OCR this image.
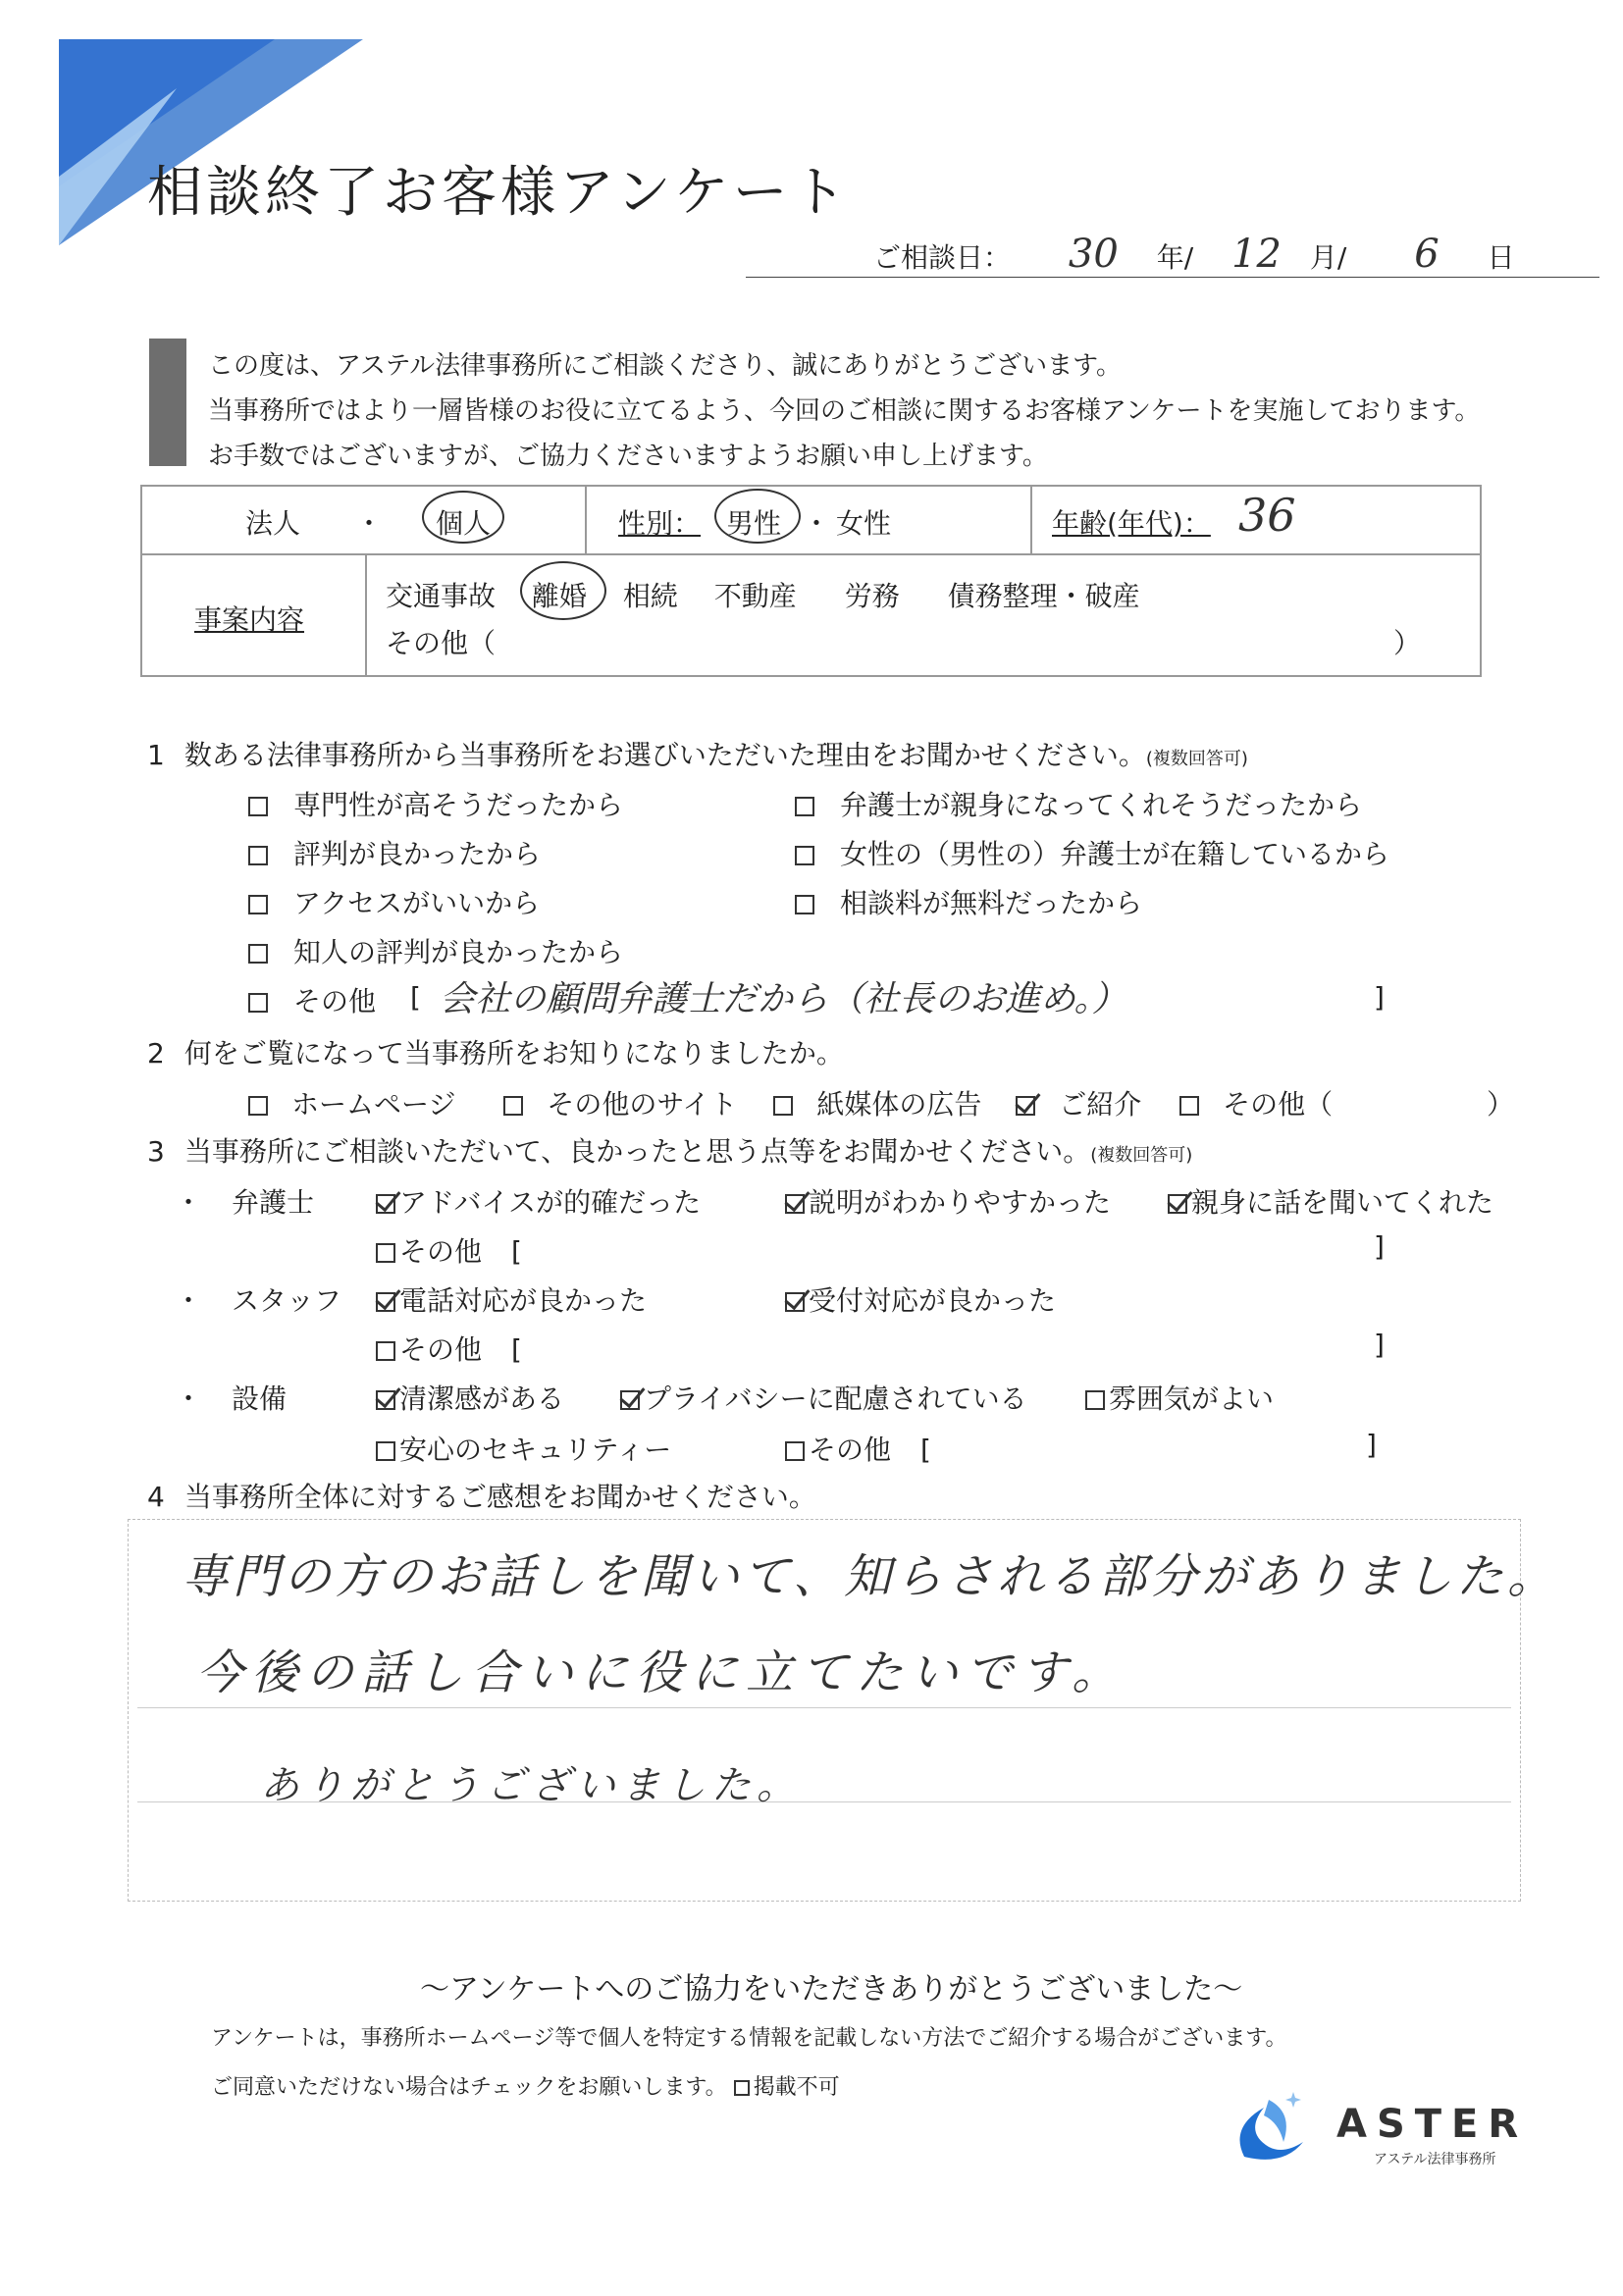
相談終了お客様アンケート
ご相談日： 30 年/ 12 月/ 6 日
この度は、アステル法律事務所にご相談くださり、誠にありがとうございます。
当事務所ではより一層皆様のお役に立てるよう、今回のご相談に関するお客様アンケートを実施しております。
お手数ではございますが、ご協力くださいますようお願い申し上げます。
法人 ・ 個人	性別： 男性 ・ 女性	年齢(年代)： 36
事案内容
交通事故 離婚 相続 不動産 労務 債務整理・破産
その他（	）
1 数ある法律事務所から当事務所をお選びいただいた理由をお聞かせください。(複数回答可)
専門性が高そうだったから
評判が良かったから
アクセスがいいから
知人の評判が良かったから
その他
弁護士が親身になってくれそうだったから
女性の（男性の）弁護士が在籍しているから
相談料が無料だったから
[ 会社の顧問弁護士だから（社長のお進め。）	]
2 何をご覧になって当事務所をお知りになりましたか。
ホームページ	その他のサイト	紙媒体の広告	ご紹介	その他（	）
3 当事務所にご相談いただいて、良かったと思う点等をお聞かせください。(複数回答可)
・ 弁護士	アドバイスが的確だった	説明がわかりやすかった	親身に話を聞いてくれた
その他 [	]
・ スタッフ	電話対応が良かった	受付対応が良かった
その他 [	]
・ 設備	清潔感がある	プライバシーに配慮されている	雰囲気がよい
安心のセキュリティー	その他 [	]
4 当事務所全体に対するご感想をお聞かせください。
専門の方のお話しを聞いて、知らされる部分がありました。
今後の話し合いに役に立てたいです。
ありがとうございました。
～アンケートへのご協力をいただきありがとうございました～
アンケートは，事務所ホームページ等で個人を特定する情報を記載しない方法でご紹介する場合がございます。
ご同意いただけない場合はチェックをお願いします。 掲載不可
ASTER
アステル法律事務所
